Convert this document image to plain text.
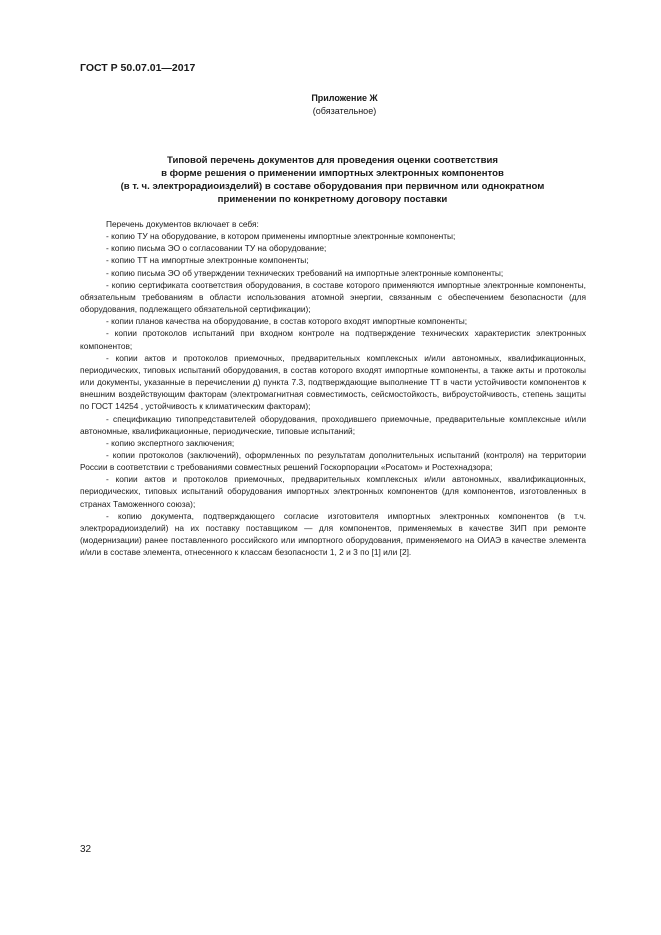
ГОСТ Р 50.07.01—2017
Приложение Ж
(обязательное)
Типовой перечень документов для проведения оценки соответствия
в форме решения о применении импортных электронных компонентов
(в т. ч. электрорадиоизделий) в составе оборудования при первичном или однократном
применении по конкретному договору поставки

Перечень документов включает в себя:

- копию ТУ на оборудование, в котором применены импортные электронные компоненты;

- копию письма ЭО о согласовании ТУ на оборудование;

- копию ТТ на импортные электронные компоненты;

- копию письма ЭО об утверждении технических требований на импортные электронные компоненты;

- копию сертификата соответствия оборудования, в составе которого применяются импортные электронные компоненты, обязательным требованиям в области использования атомной энергии, связанным с обеспечением безопасности (для оборудования, подлежащего обязательной сертификации);

- копии планов качества на оборудование, в состав которого входят импортные компоненты;

- копии протоколов испытаний при входном контроле на подтверждение технических характеристик электронных компонентов;

- копии актов и протоколов приемочных, предварительных комплексных и/или автономных, квалификационных, периодических, типовых испытаний оборудования, в состав которого входят импортные компоненты, а также акты и протоколы или документы, указанные в перечислении д) пункта 7.3, подтверждающие выполнение ТТ в части устойчивости компонентов к внешним воздействующим факторам (электромагнитная совместимость, сейсмостойкость, виброустойчивость, степень защиты по ГОСТ 14254 , устойчивость к климатическим факторам);

- спецификацию типопредставителей оборудования, проходившего приемочные, предварительные комплексные и/или автономные, квалификационные, периодические, типовые испытаний;

- копию экспертного заключения;

- копии протоколов (заключений), оформленных по результатам дополнительных испытаний (контроля) на территории России в соответствии с требованиями совместных решений Госкорпорации «Росатом» и Ростехнадзора;

- копии актов и протоколов приемочных, предварительных комплексных и/или автономных, квалификационных, периодических, типовых испытаний оборудования импортных электронных компонентов (для компонентов, изготовленных в странах Таможенного союза);

- копию документа, подтверждающего согласие изготовителя импортных электронных компонентов (в т.ч. электрорадиоизделий) на их поставку поставщиком — для компонентов, применяемых в качестве ЗИП при ремонте (модернизации) ранее поставленного российского или импортного оборудования, применяемого на ОИАЭ в качестве элемента и/или в составе элемента, отнесенного к классам безопасности 1, 2 и 3 по [1] или [2].

32
